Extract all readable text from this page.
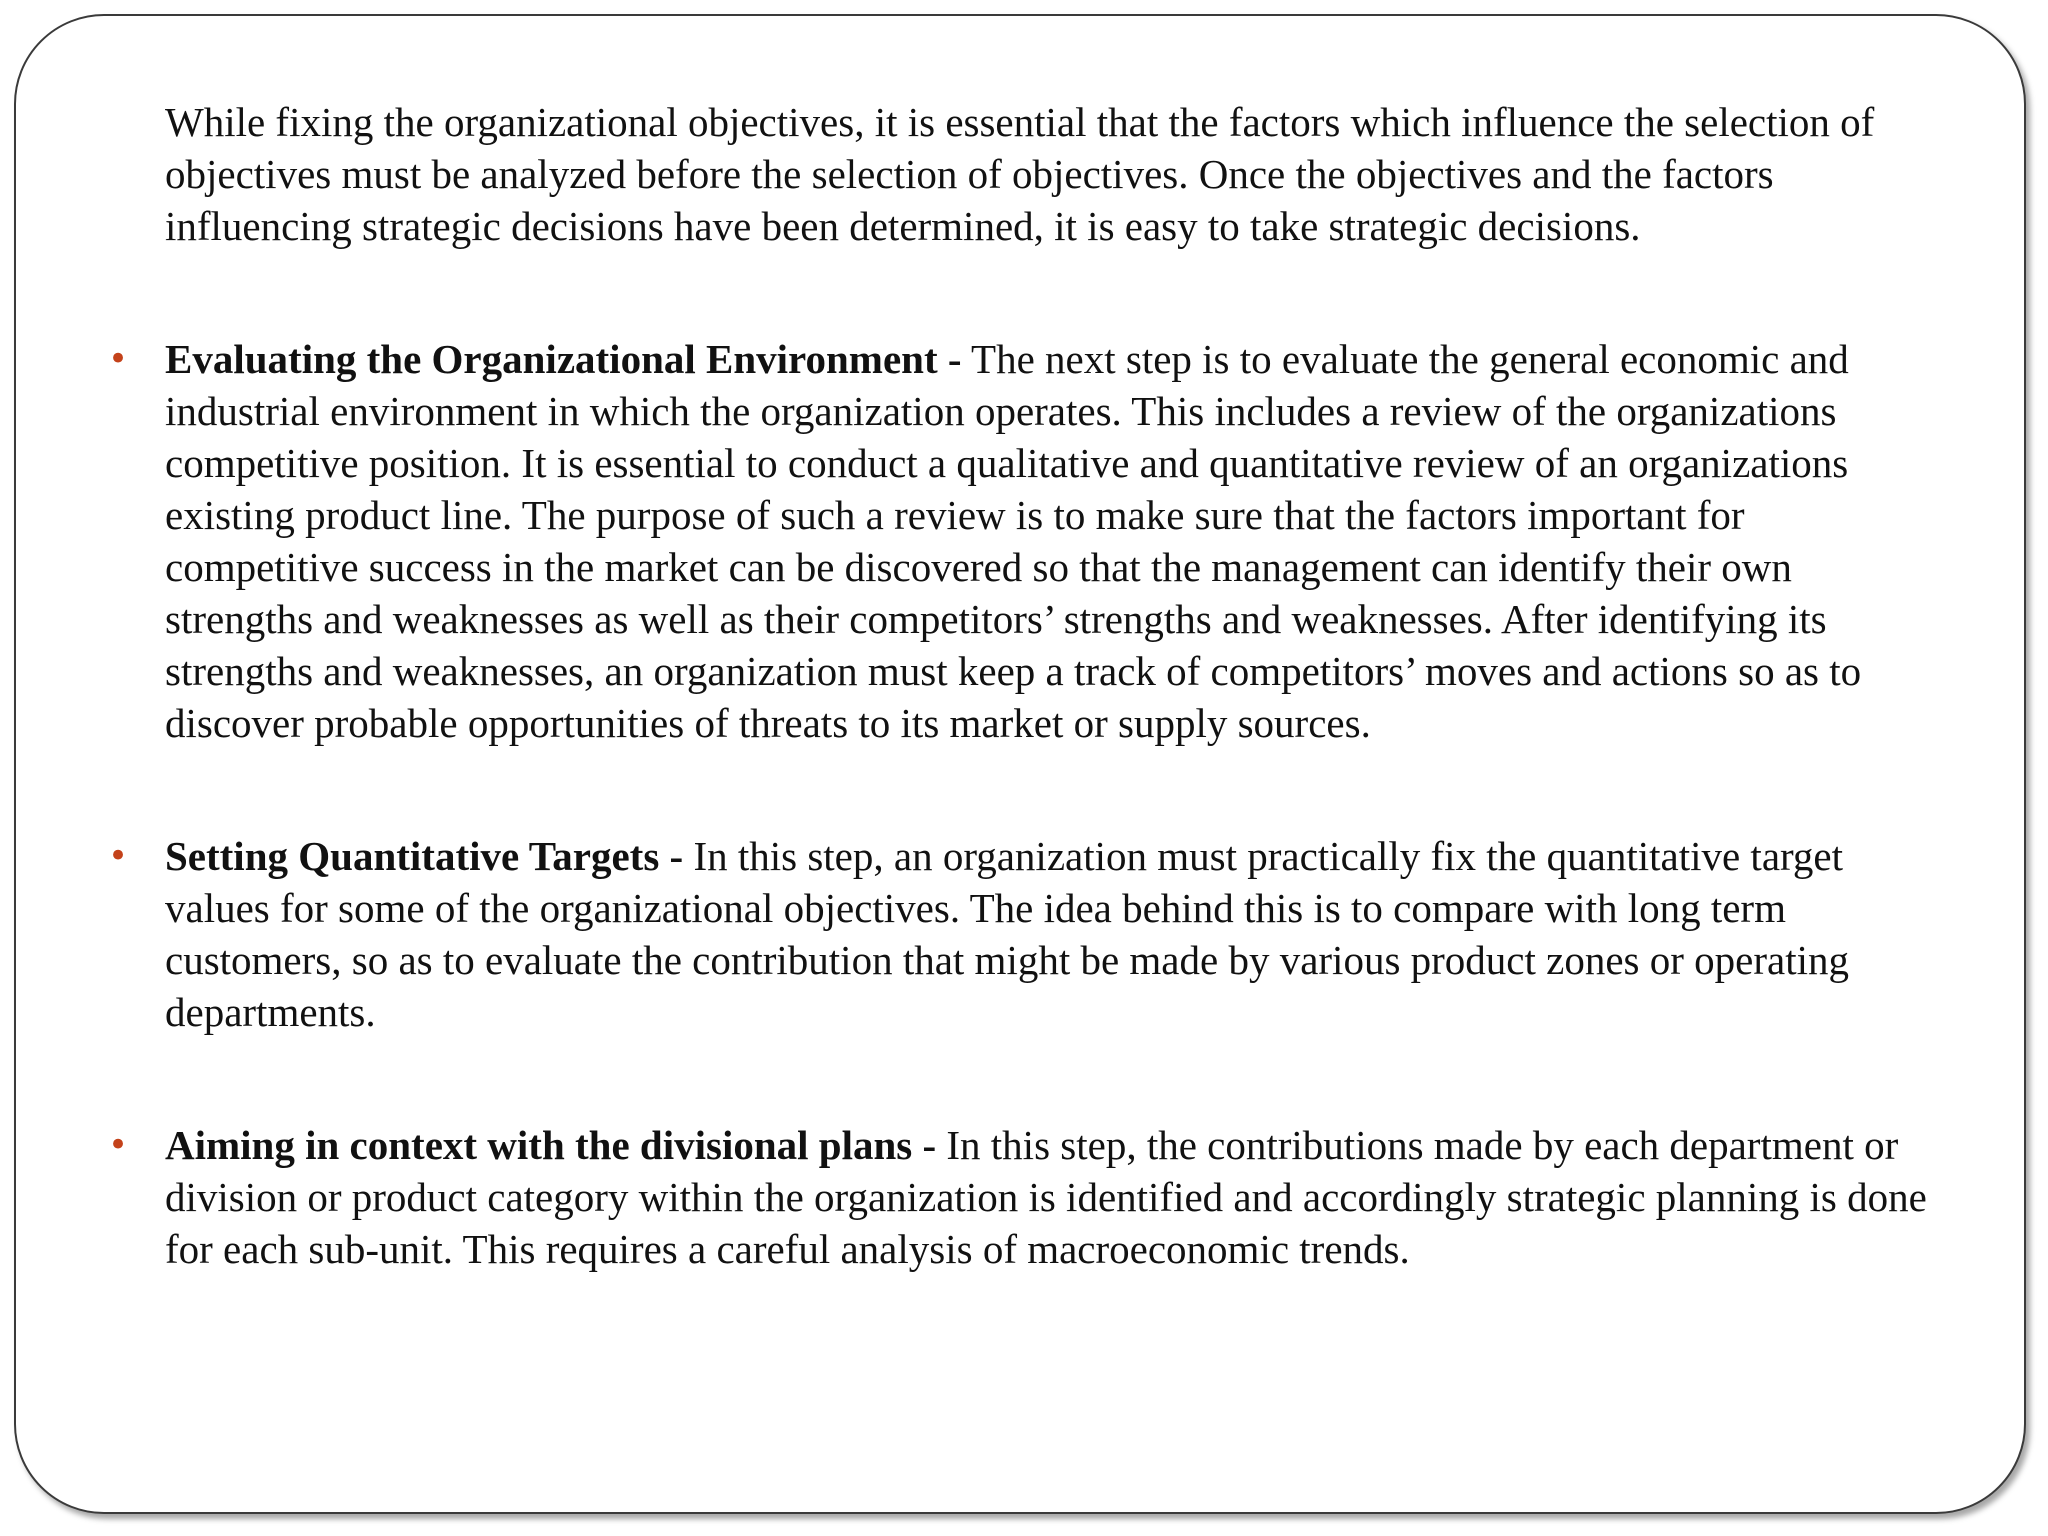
While fixing the organizational objectives, it is essential that the factors which influence the selection of objectives must be analyzed before the selection of objectives. Once the objectives and the factors influencing strategic decisions have been determined, it is easy to take strategic decisions.

• Evaluating the Organizational Environment - The next step is to evaluate the general economic and industrial environment in which the organization operates. This includes a review of the organizations competitive position. It is essential to conduct a qualitative and quantitative review of an organizations existing product line. The purpose of such a review is to make sure that the factors important for competitive success in the market can be discovered so that the management can identify their own strengths and weaknesses as well as their competitors’ strengths and weaknesses. After identifying its strengths and weaknesses, an organization must keep a track of competitors’ moves and actions so as to discover probable opportunities of threats to its market or supply sources.

• Setting Quantitative Targets - In this step, an organization must practically fix the quantitative target values for some of the organizational objectives. The idea behind this is to compare with long term customers, so as to evaluate the contribution that might be made by various product zones or operating departments.

• Aiming in context with the divisional plans - In this step, the contributions made by each department or division or product category within the organization is identified and accordingly strategic planning is done for each sub-unit. This requires a careful analysis of macroeconomic trends.
